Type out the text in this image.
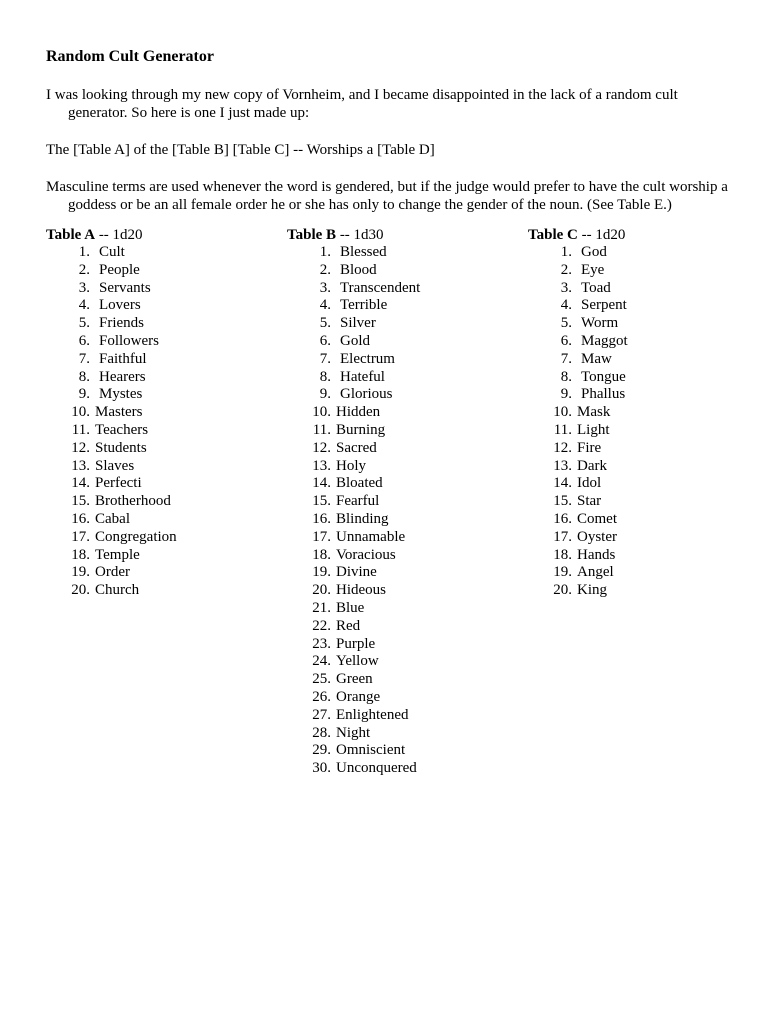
Random Cult Generator

I was looking through my new copy of Vornheim, and I became disappointed in the lack of a random cult generator. So here is one I just made up:

The [Table A] of the [Table B] [Table C] -- Worships a [Table D]

Masculine terms are used whenever the word is gendered, but if the judge would prefer to have the cult worship a goddess or be an all female order he or she has only to change the gender of the noun. (See Table E.)

Table A -- 1d20
1. Cult
2. People
3. Servants
4. Lovers
5. Friends
6. Followers
7. Faithful
8. Hearers
9. Mystes
10. Masters
11. Teachers
12. Students
13. Slaves
14. Perfecti
15. Brotherhood
16. Cabal
17. Congregation
18. Temple
19. Order
20. Church
Table B -- 1d30
1. Blessed
2. Blood
3. Transcendent
4. Terrible
5. Silver
6. Gold
7. Electrum
8. Hateful
9. Glorious
10. Hidden
11. Burning
12. Sacred
13. Holy
14. Bloated
15. Fearful
16. Blinding
17. Unnamable
18. Voracious
19. Divine
20. Hideous
21. Blue
22. Red
23. Purple
24. Yellow
25. Green
26. Orange
27. Enlightened
28. Night
29. Omniscient
30. Unconquered
Table C -- 1d20
1. God
2. Eye
3. Toad
4. Serpent
5. Worm
6. Maggot
7. Maw
8. Tongue
9. Phallus
10. Mask
11. Light
12. Fire
13. Dark
14. Idol
15. Star
16. Comet
17. Oyster
18. Hands
19. Angel
20. King
